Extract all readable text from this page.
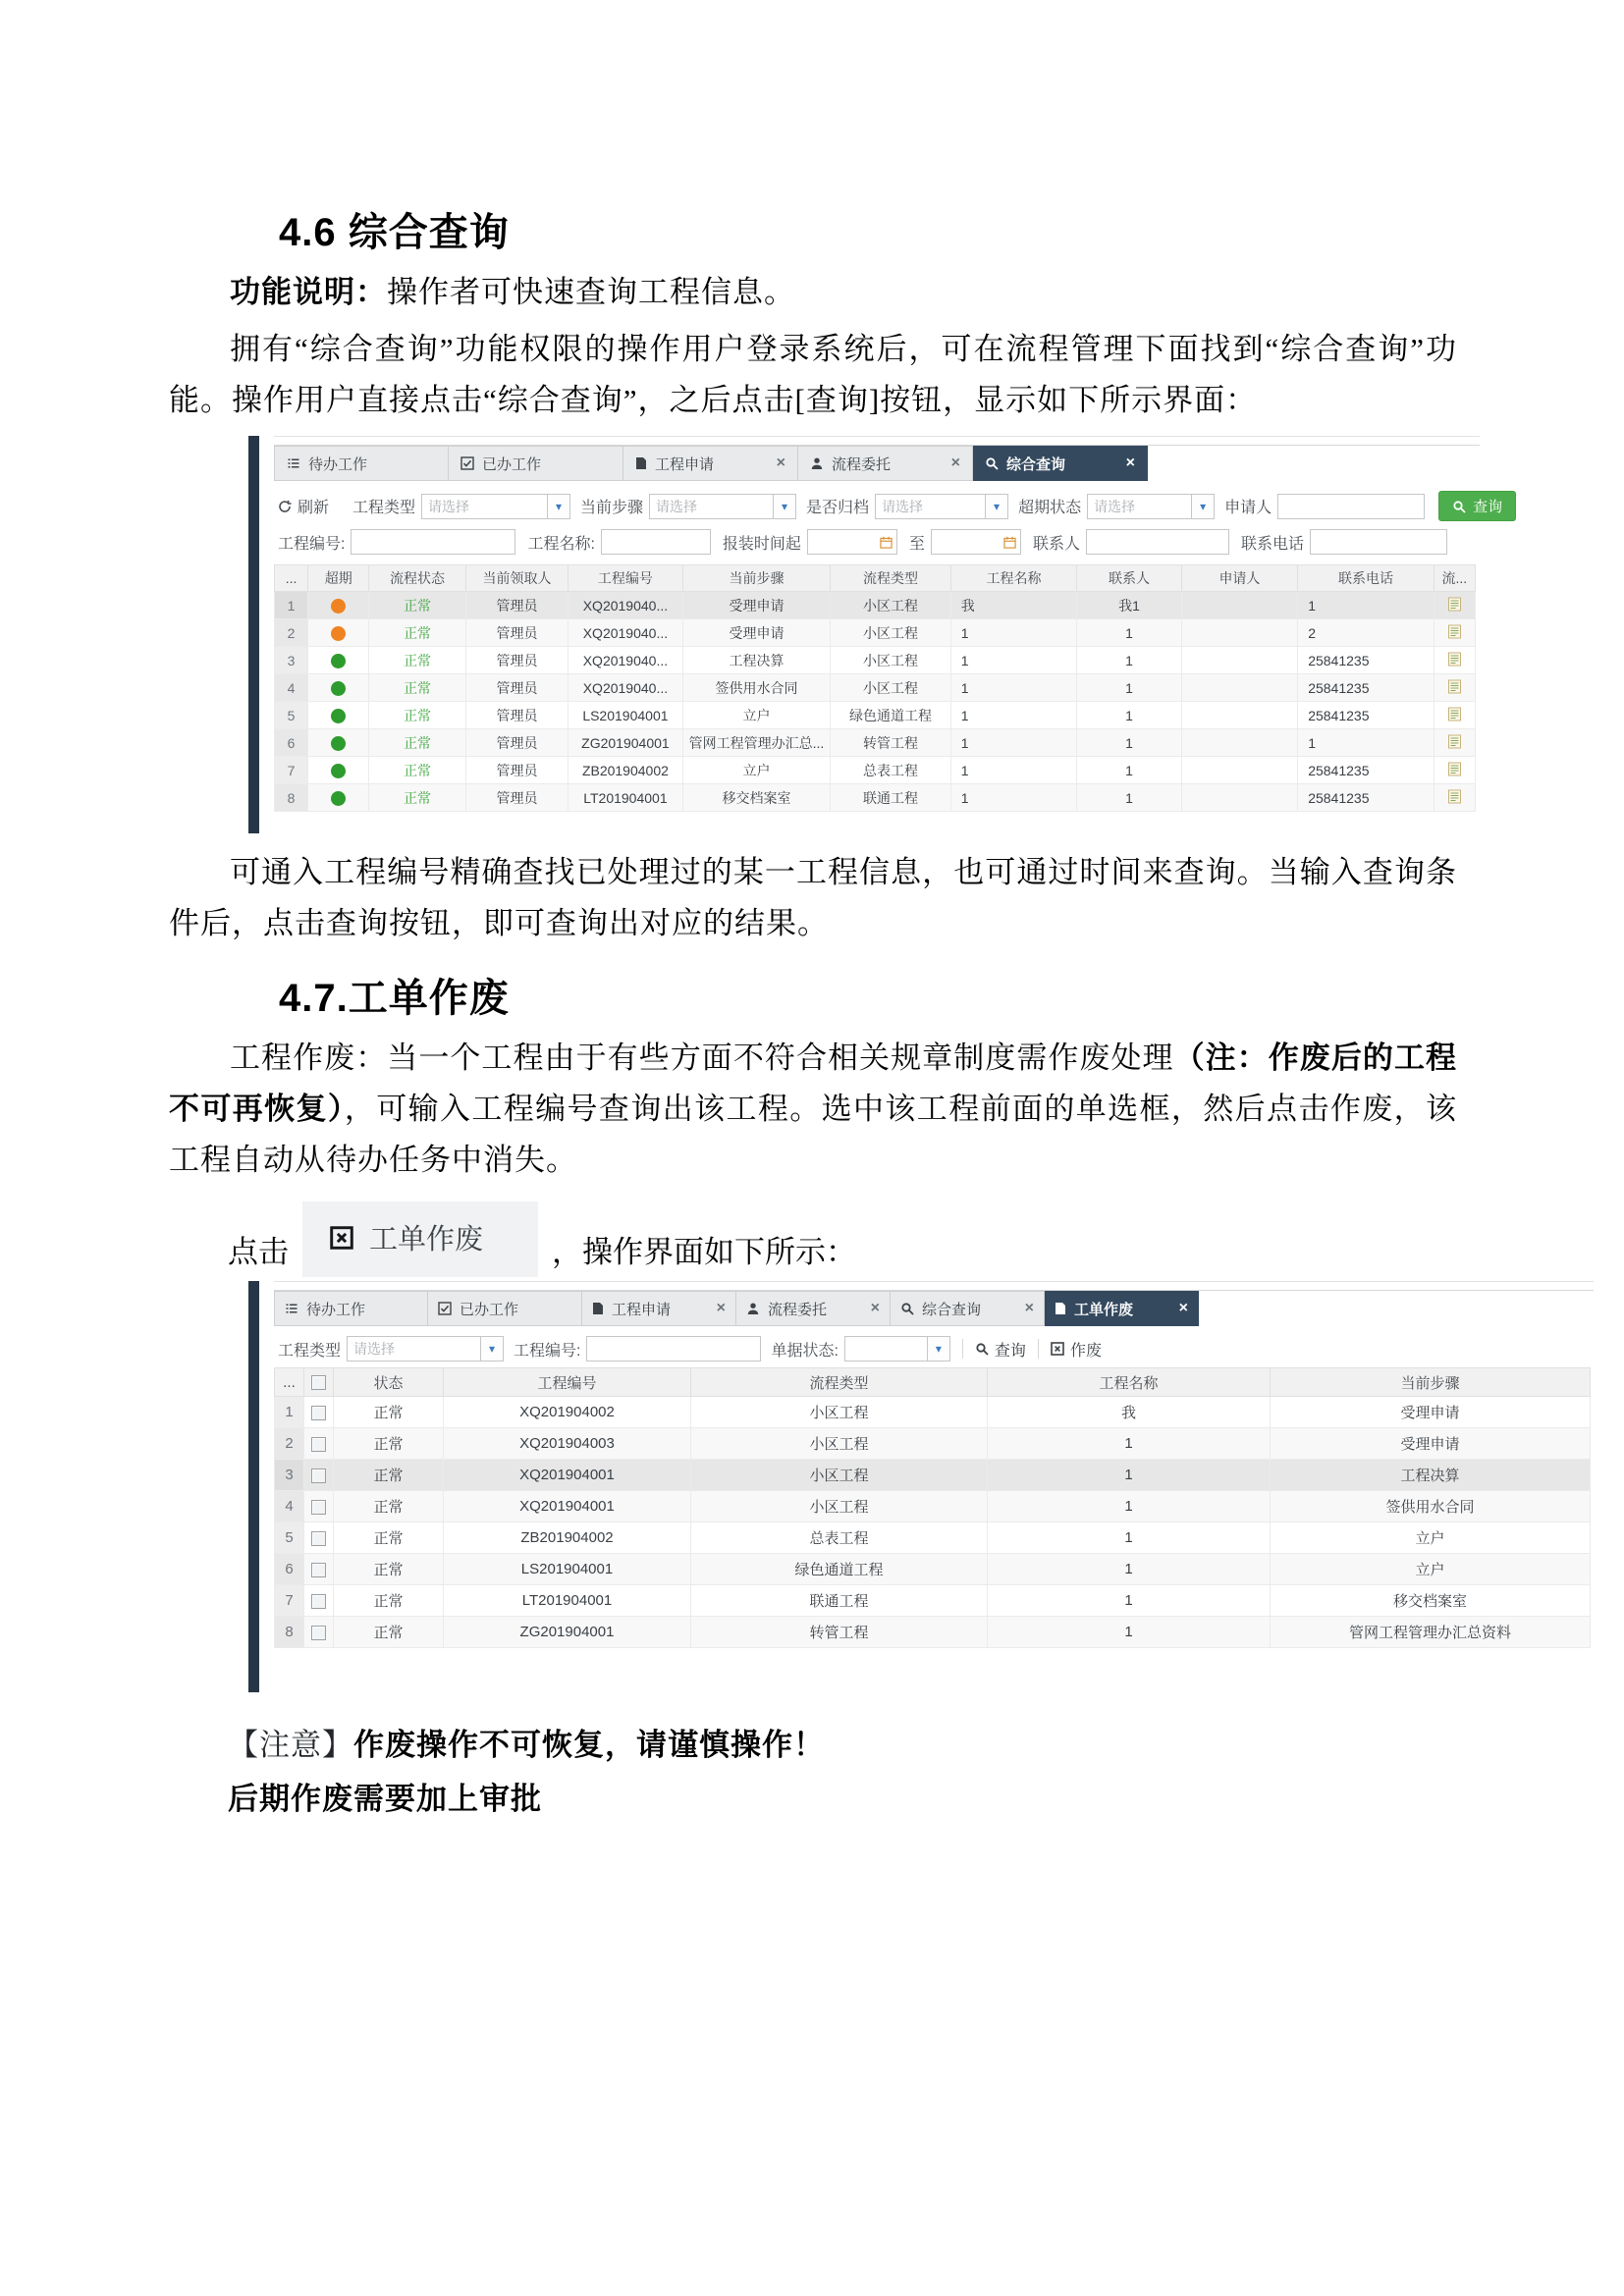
4.6 综合查询

功能说明：操作者可快速查询工程信息。

拥有“综合查询”功能权限的操作用户登录系统后，可在流程管理下面找到“综合查询”功能。操作用户直接点击“综合查询”，之后点击[查询]按钮，显示如下所示界面：

待办工作	已办工作	工程申请	×	流程委托	×	综合查询	×
刷新 工程类型 请选择	▾	当前步骤 请选择	▾	是否归档 请选择	▾	超期状态 请选择	▾	申请人	查询
工程编号:	工程名称:	报装时间起	至	联系人	联系电话
...	超期	流程状态	当前领取人	工程编号	当前步骤	流程类型	工程名称	联系人	申请人	联系电话	流...
1		正常	管理员	XQ2019040...	受理申请	小区工程	我	我1		1	

2		正常	管理员	XQ2019040...	受理申请	小区工程	1	1		2	

3		正常	管理员	XQ2019040...	工程决算	小区工程	1	1		25841235	

4		正常	管理员	XQ2019040...	签供用水合同	小区工程	1	1		25841235	

5		正常	管理员	LS201904001	立户	绿色通道工程	1	1		25841235	

6		正常	管理员	ZG201904001	管网工程管理办汇总...	转管工程	1	1		1	

7		正常	管理员	ZB201904002	立户	总表工程	1	1		25841235	

8		正常	管理员	LT201904001	移交档案室	联通工程	1	1		25841235	

可通入工程编号精确查找已处理过的某一工程信息，也可通过时间来查询。当输入查询条件后，点击查询按钮，即可查询出对应的结果。

4.7.工单作废

工程作废：当一个工程由于有些方面不符合相关规章制度需作废处理（注：作废后的工程不可再恢复），可输入工程编号查询出该工程。选中该工程前面的单选框，然后点击作废，该工程自动从待办任务中消失。

点击	工单作废 ，操作界面如下所示：
待办工作	已办工作	工程申请	×	流程委托	×	综合查询	×	工单作废	×
工程类型 请选择	▾	工程编号:	单据状态:	▾	查询	作废
...		状态	工程编号	流程类型	工程名称	当前步骤
1		正常	XQ201904002	小区工程	我	受理申请
2		正常	XQ201904003	小区工程	1	受理申请
3		正常	XQ201904001	小区工程	1	工程决算
4		正常	XQ201904001	小区工程	1	签供用水合同
5		正常	ZB201904002	总表工程	1	立户
6		正常	LS201904001	绿色通道工程	1	立户
7		正常	LT201904001	联通工程	1	移交档案室
8		正常	ZG201904001	转管工程	1	管网工程管理办汇总资料

【注意】作废操作不可恢复，请谨慎操作！

后期作废需要加上审批
